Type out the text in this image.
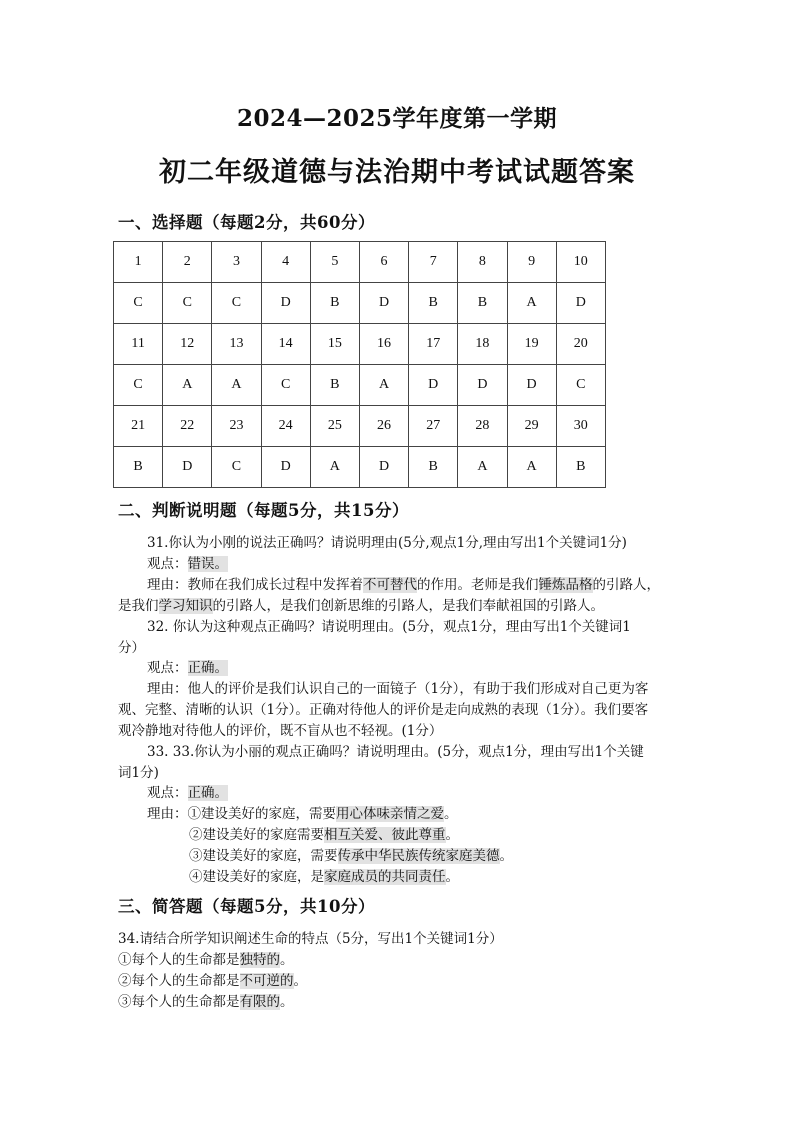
2024—2025学年度第一学期
初二年级道德与法治期中考试试题答案
一、选择题（每题2分，共60分）
1	2	3	4	5	6	7	8	9	10
C	C	C	D	B	D	B	B	A	D
11	12	13	14	15	16	17	18	19	20
C	A	A	C	B	A	D	D	D	C
21	22	23	24	25	26	27	28	29	30
B	D	C	D	A	D	B	A	A	B
二、判断说明题（每题5分，共15分）
31.你认为小刚的说法正确吗？请说明理由(5分,观点1分,理由写出1个关键词1分)
观点：错误。
理由：教师在我们成长过程中发挥着不可替代的作用。老师是我们锤炼品格的引路人，
是我们学习知识的引路人，是我们创新思维的引路人，是我们奉献祖国的引路人。
32. 你认为这种观点正确吗？请说明理由。(5分，观点1分，理由写出1个关键词1
分）
观点：正确。
理由：他人的评价是我们认识自己的一面镜子（1分），有助于我们形成对自己更为客
观、完整、清晰的认识（1分）。正确对待他人的评价是走向成熟的表现（1分）。我们要客
观冷静地对待他人的评价，既不盲从也不轻视。(1分）
33. 33.你认为小丽的观点正确吗？请说明理由。(5分，观点1分，理由写出1个关键
词1分)
观点：正确。
理由：①建设美好的家庭，需要用心体味亲情之爱。
②建设美好的家庭需要相互关爱、彼此尊重。
③建设美好的家庭，需要传承中华民族传统家庭美德。
④建设美好的家庭，是家庭成员的共同责任。
三、简答题（每题5分，共10分）
34.请结合所学知识阐述生命的特点（5分，写出1个关键词1分）
①每个人的生命都是独特的。
②每个人的生命都是不可逆的。
③每个人的生命都是有限的。
